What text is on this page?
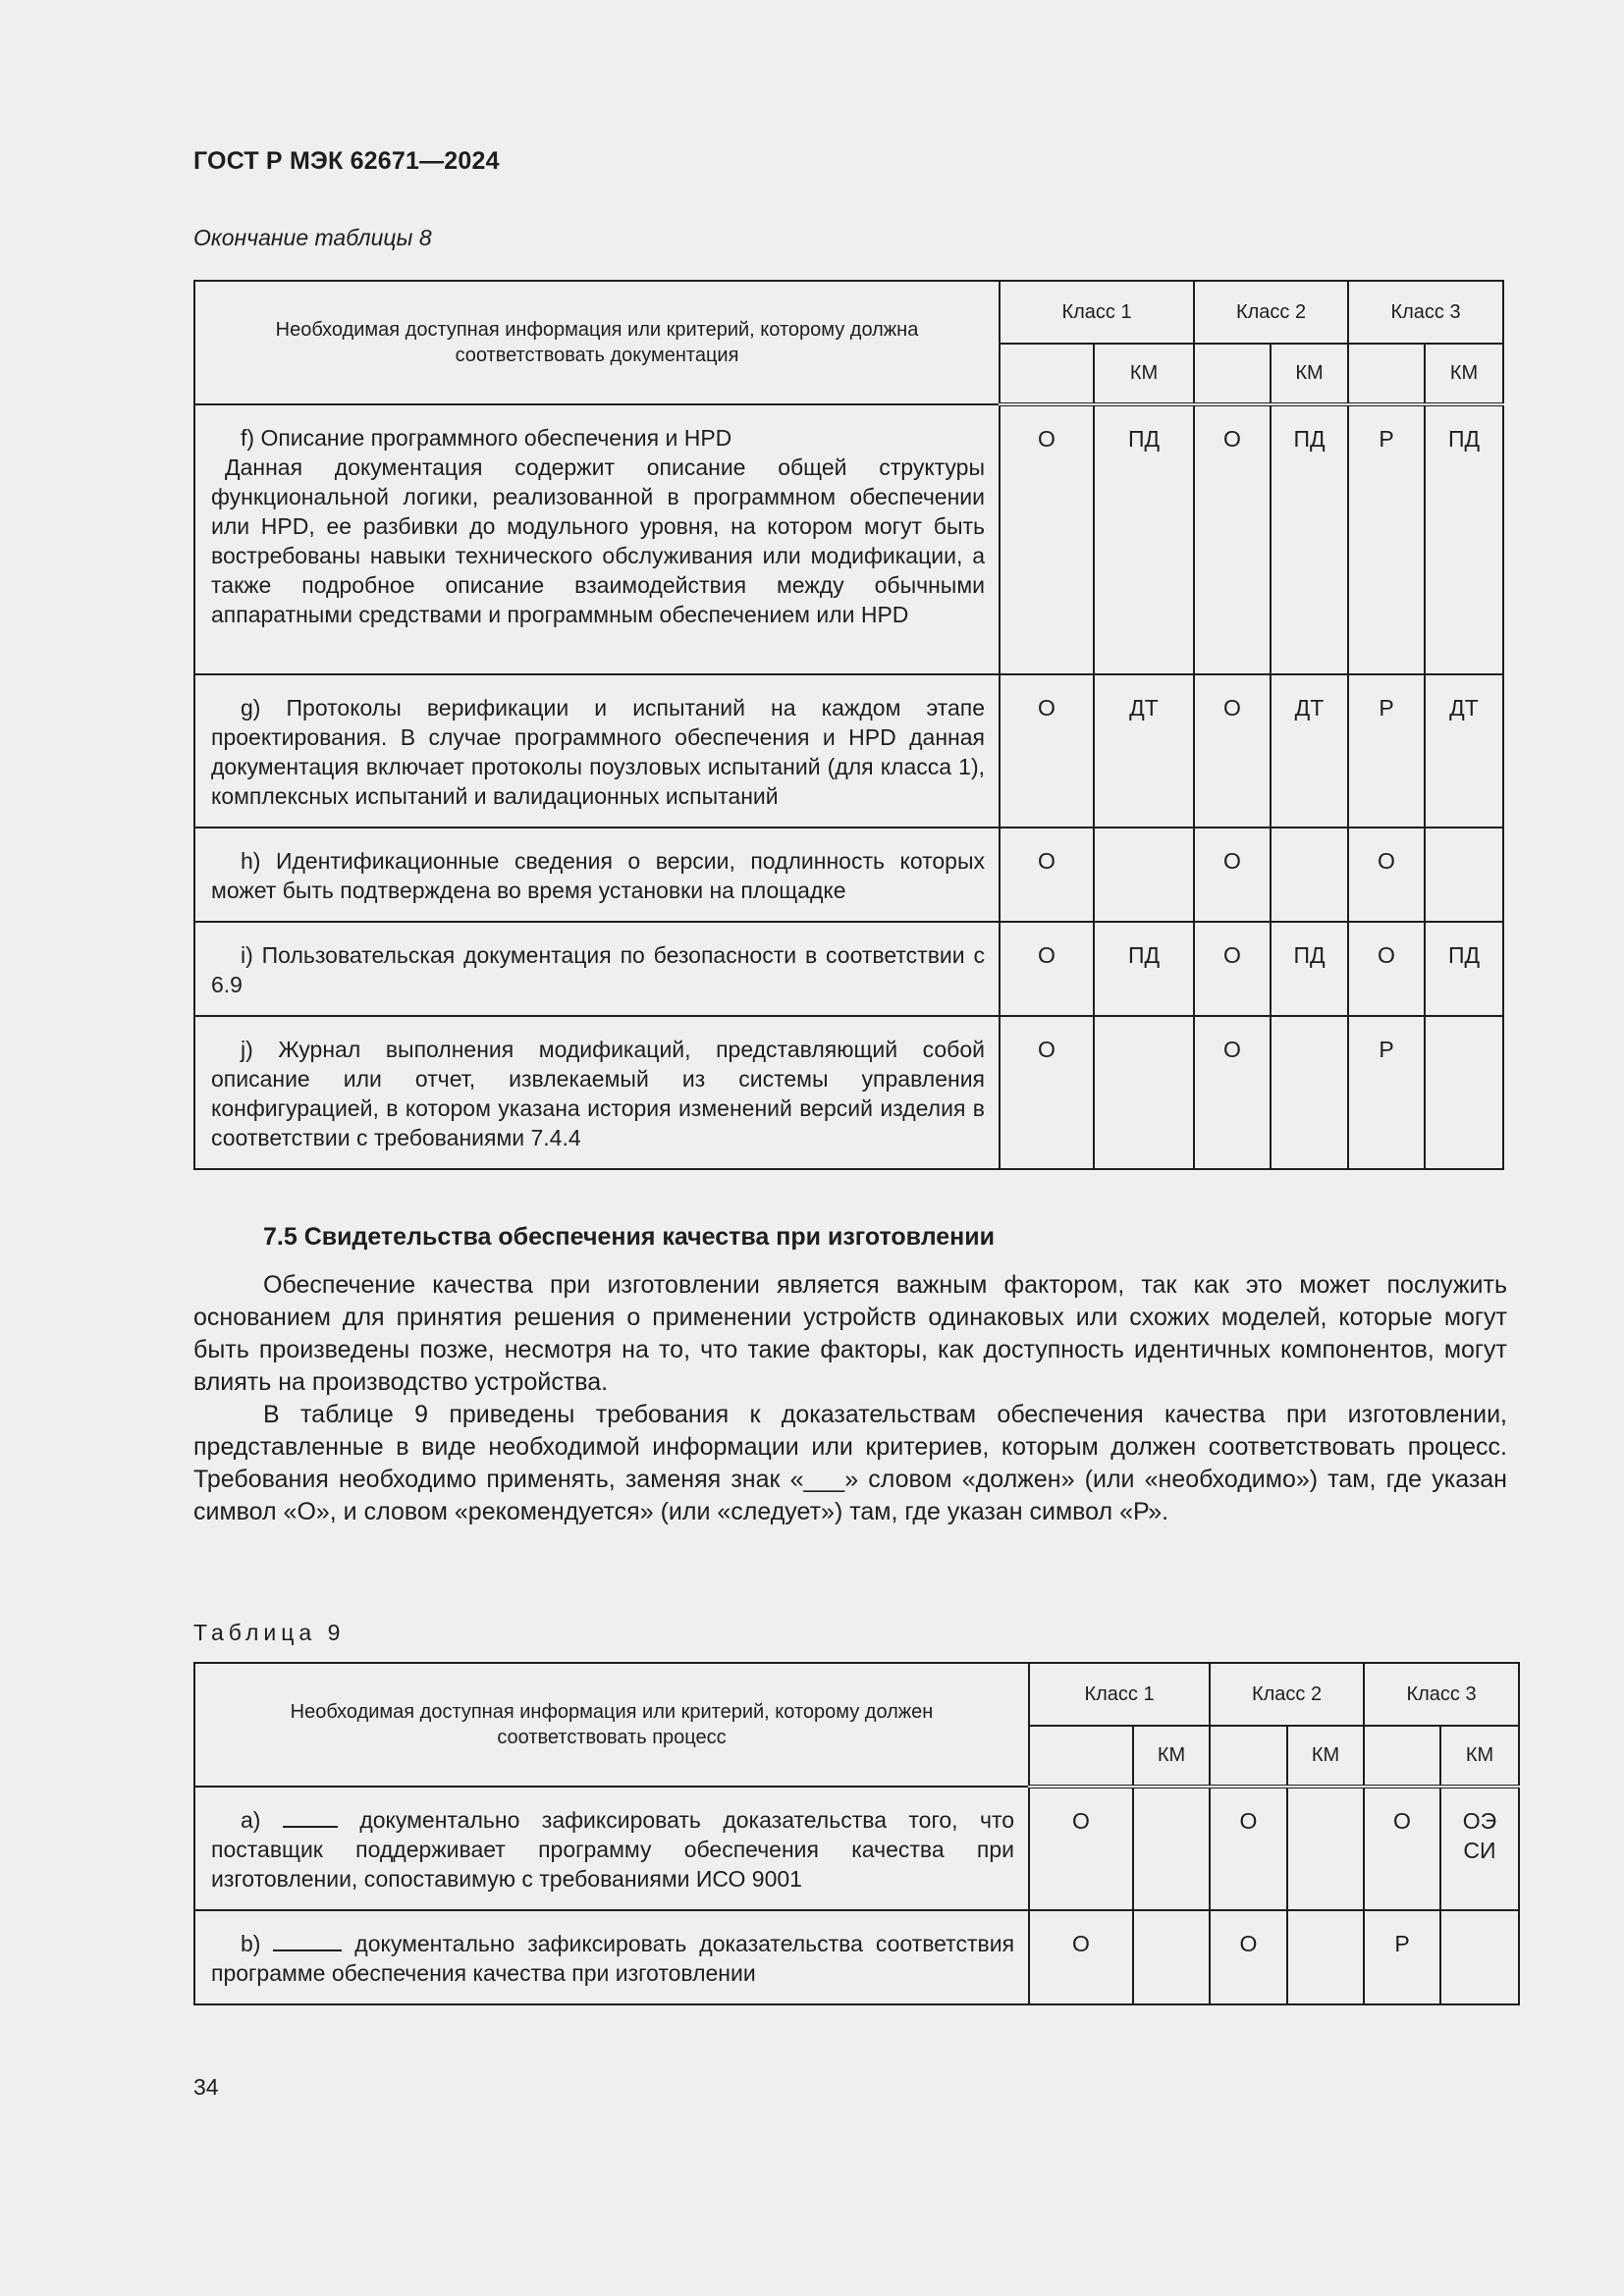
ГОСТ Р МЭК 62671—2024
Окончание таблицы 8
Необходимая доступная информация или критерий, которому должна соответствовать документация	Класс 1		Класс 2		Класс 3	
		КМ		КМ		КМ

f) Описание программного обеспечения и HPD

Данная документация содержит описание общей структуры функциональной логики, реализованной в программном обеспечении или HPD, ее разбивки до модульного уровня, на котором могут быть востребованы навыки технического обслуживания или модификации, а также подробное описание взаимодействия между обычными аппаратными средствами и программным обеспечением или HPD	О	ПД	О	ПД	Р	ПД

g) Протоколы верификации и испытаний на каждом этапе проектирования. В случае программного обеспечения и HPD данная документация включает протоколы поузловых испытаний (для класса 1), комплексных испытаний и валидационных испытаний	О	ДТ	О	ДТ	Р	ДТ

h) Идентификационные сведения о версии, подлинность которых может быть подтверждена во время установки на площадке	О		О		О	

i) Пользовательская документация по безопасности в соответствии с 6.9	О	ПД	О	ПД	О	ПД

j) Журнал выполнения модификаций, представляющий собой описание или отчет, извлекаемый из системы управления конфигурацией, в котором указана история изменений версий изделия в соответствии с требованиями 7.4.4	О		О		Р	
7.5 Свидетельства обеспечения качества при изготовлении

Обеспечение качества при изготовлении является важным фактором, так как это может послужить основанием для принятия решения о применении устройств одинаковых или схожих моделей, которые могут быть произведены позже, несмотря на то, что такие факторы, как доступность идентичных компонентов, могут влиять на производство устройства.

В таблице 9 приведены требования к доказательствам обеспечения качества при изготовлении, представленные в виде необходимой информации или критериев, которым должен соответствовать процесс. Требования необходимо применять, заменяя знак «___» словом «должен» (или «необходимо») там, где указан символ «О», и словом «рекомендуется» (или «следует») там, где указан символ «Р».

Таблица 9
Необходимая доступная информация или критерий, которому должен соответствовать процесс	Класс 1		Класс 2		Класс 3	
		КМ		КМ		КМ

а) документально зафиксировать доказательства того, что поставщик поддерживает программу обеспечения качества при изготовлении, сопоставимую с требованиями ИСО 9001	О		О		О	ОЭ СИ

b) документально зафиксировать доказательства соответствия программе обеспечения качества при изготовлении	О		О		Р	
34
